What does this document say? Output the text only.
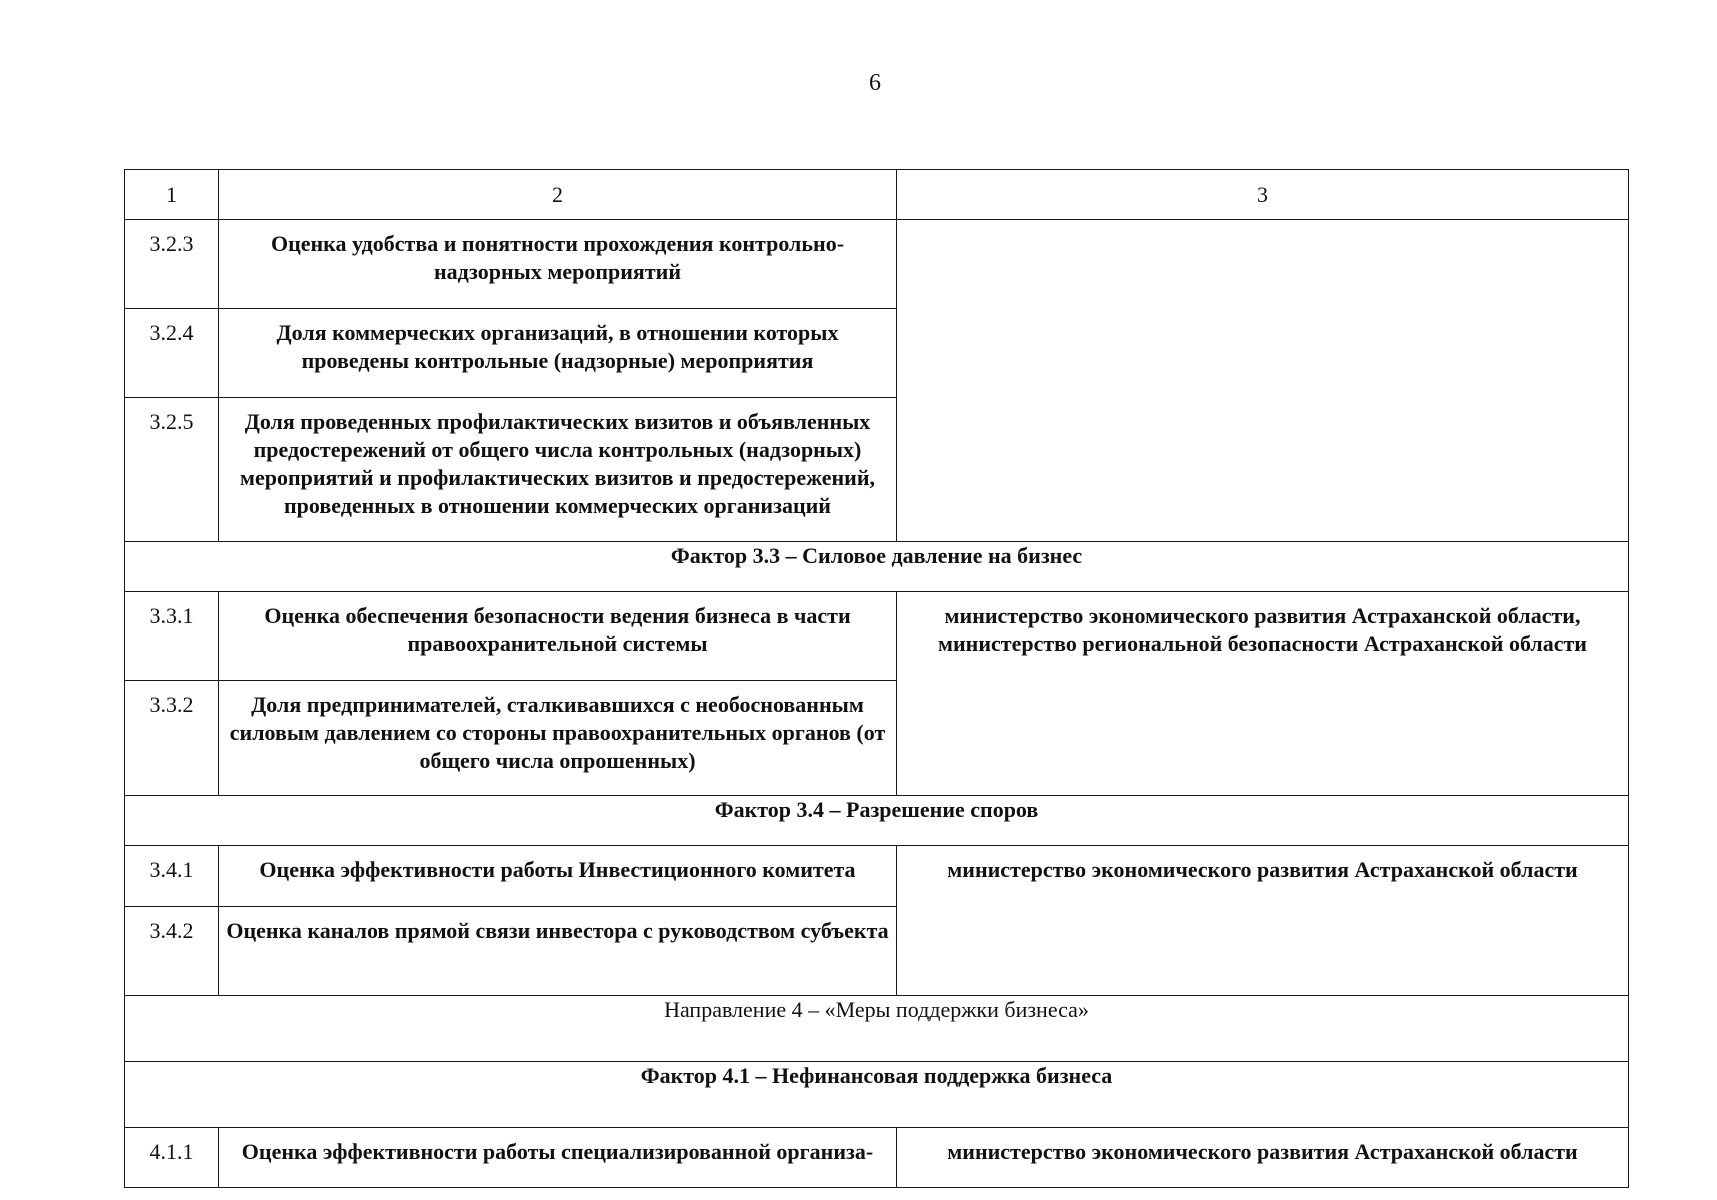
6
1	2	3
3.2.3	Оценка удобства и понятности прохождения контрольно-надзорных мероприятий	
3.2.4	Доля коммерческих организаций, в отношении которых проведены контрольные (надзорные) мероприятия	
3.2.5	Доля проведенных профилактических визитов и объявленных предостережений от общего числа контрольных (надзорных) мероприятий и профилактических визитов и предостережений, проведенных в отношении коммерческих организаций	
Фактор 3.3 – Силовое давление на бизнес		
3.3.1	Оценка обеспечения безопасности ведения бизнеса в части правоохранительной системы	министерство экономического развития Астраханской области, министерство региональной безопасности Астраханской области
3.3.2	Доля предпринимателей, сталкивавшихся с необоснованным силовым давлением со стороны правоохранительных органов (от общего числа опрошенных)	
Фактор 3.4 – Разрешение споров		
3.4.1	Оценка эффективности работы Инвестиционного комитета	министерство экономического развития Астраханской области
3.4.2	Оценка каналов прямой связи инвестора с руководством субъекта	
Направление 4 – «Меры поддержки бизнеса»		
Фактор 4.1 – Нефинансовая поддержка бизнеса		
4.1.1	Оценка эффективности работы специализированной организа-	министерство экономического развития Астраханской области
